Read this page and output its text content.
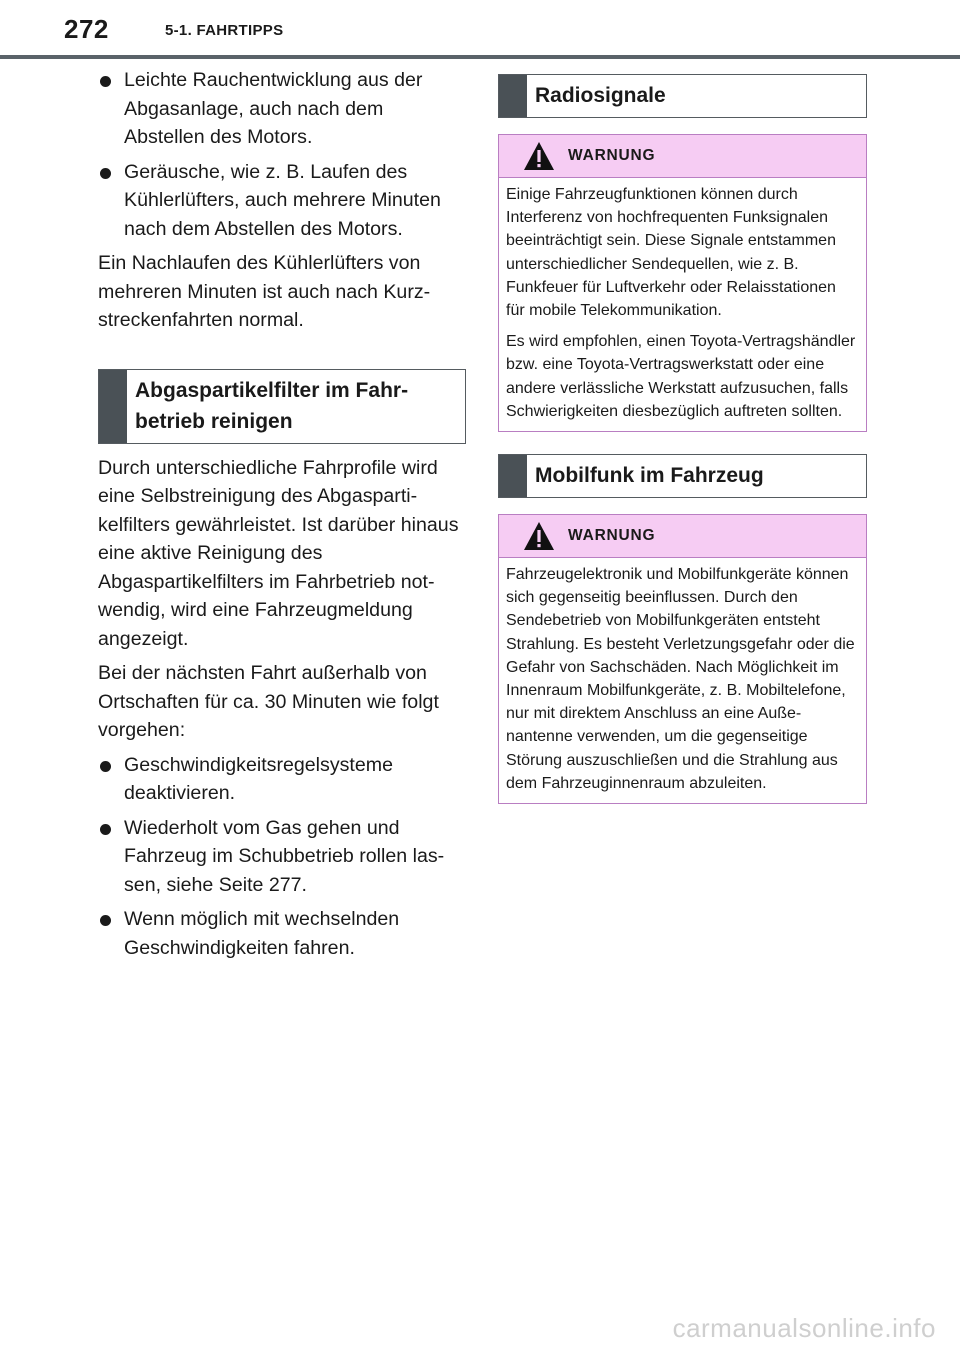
272	5-1. FAHRTIPPS
Leichte Rauchentwicklung aus der Abgasanlage, auch nach dem Abstellen des Motors.
Geräusche, wie z. B. Laufen des Kühlerlüfters, auch mehrere Minuten nach dem Abstellen des Motors.

Ein Nachlaufen des Kühlerlüfters von mehreren Minuten ist auch nach Kurzstreckenfahrten normal.

Abgaspartikelfilter im Fahrbetrieb reinigen

Durch unterschiedliche Fahrprofile wird eine Selbstreinigung des Abgaspartikelfilters gewährleistet. Ist darüber hinaus eine aktive Reinigung des Abgaspartikelfilters im Fahrbetrieb notwendig, wird eine Fahrzeugmeldung angezeigt.

Bei der nächsten Fahrt außerhalb von Ortschaften für ca. 30 Minuten wie folgt vorgehen:

Geschwindigkeitsregelsysteme deaktivieren.
Wiederholt vom Gas gehen und Fahrzeug im Schubbetrieb rollen lassen, siehe Seite 277.
Wenn möglich mit wechselnden Geschwindigkeiten fahren.
Radiosignale
WARNUNG

Einige Fahrzeugfunktionen können durch Interferenz von hochfrequenten Funksignalen beeinträchtigt sein. Diese Signale entstammen unterschiedlicher Sendequellen, wie z. B. Funkfeuer für Luftverkehr oder Relaisstationen für mobile Telekommunikation.

Es wird empfohlen, einen Toyota-Vertragshändler bzw. eine Toyota-Vertragswerkstatt oder eine andere verlässliche Werkstatt aufzusuchen, falls Schwierigkeiten diesbezüglich auftreten sollten.

Mobilfunk im Fahrzeug
WARNUNG

Fahrzeugelektronik und Mobilfunkgeräte können sich gegenseitig beeinflussen. Durch den Sendebetrieb von Mobilfunkgeräten entsteht Strahlung. Es besteht Verletzungsgefahr oder die Gefahr von Sachschäden. Nach Möglichkeit im Innenraum Mobilfunkgeräte, z. B. Mobiltelefone, nur mit direktem Anschluss an eine Außenantenne verwenden, um die gegenseitige Störung auszuschließen und die Strahlung aus dem Fahrzeuginnenraum abzuleiten.

carmanualsonline.info
